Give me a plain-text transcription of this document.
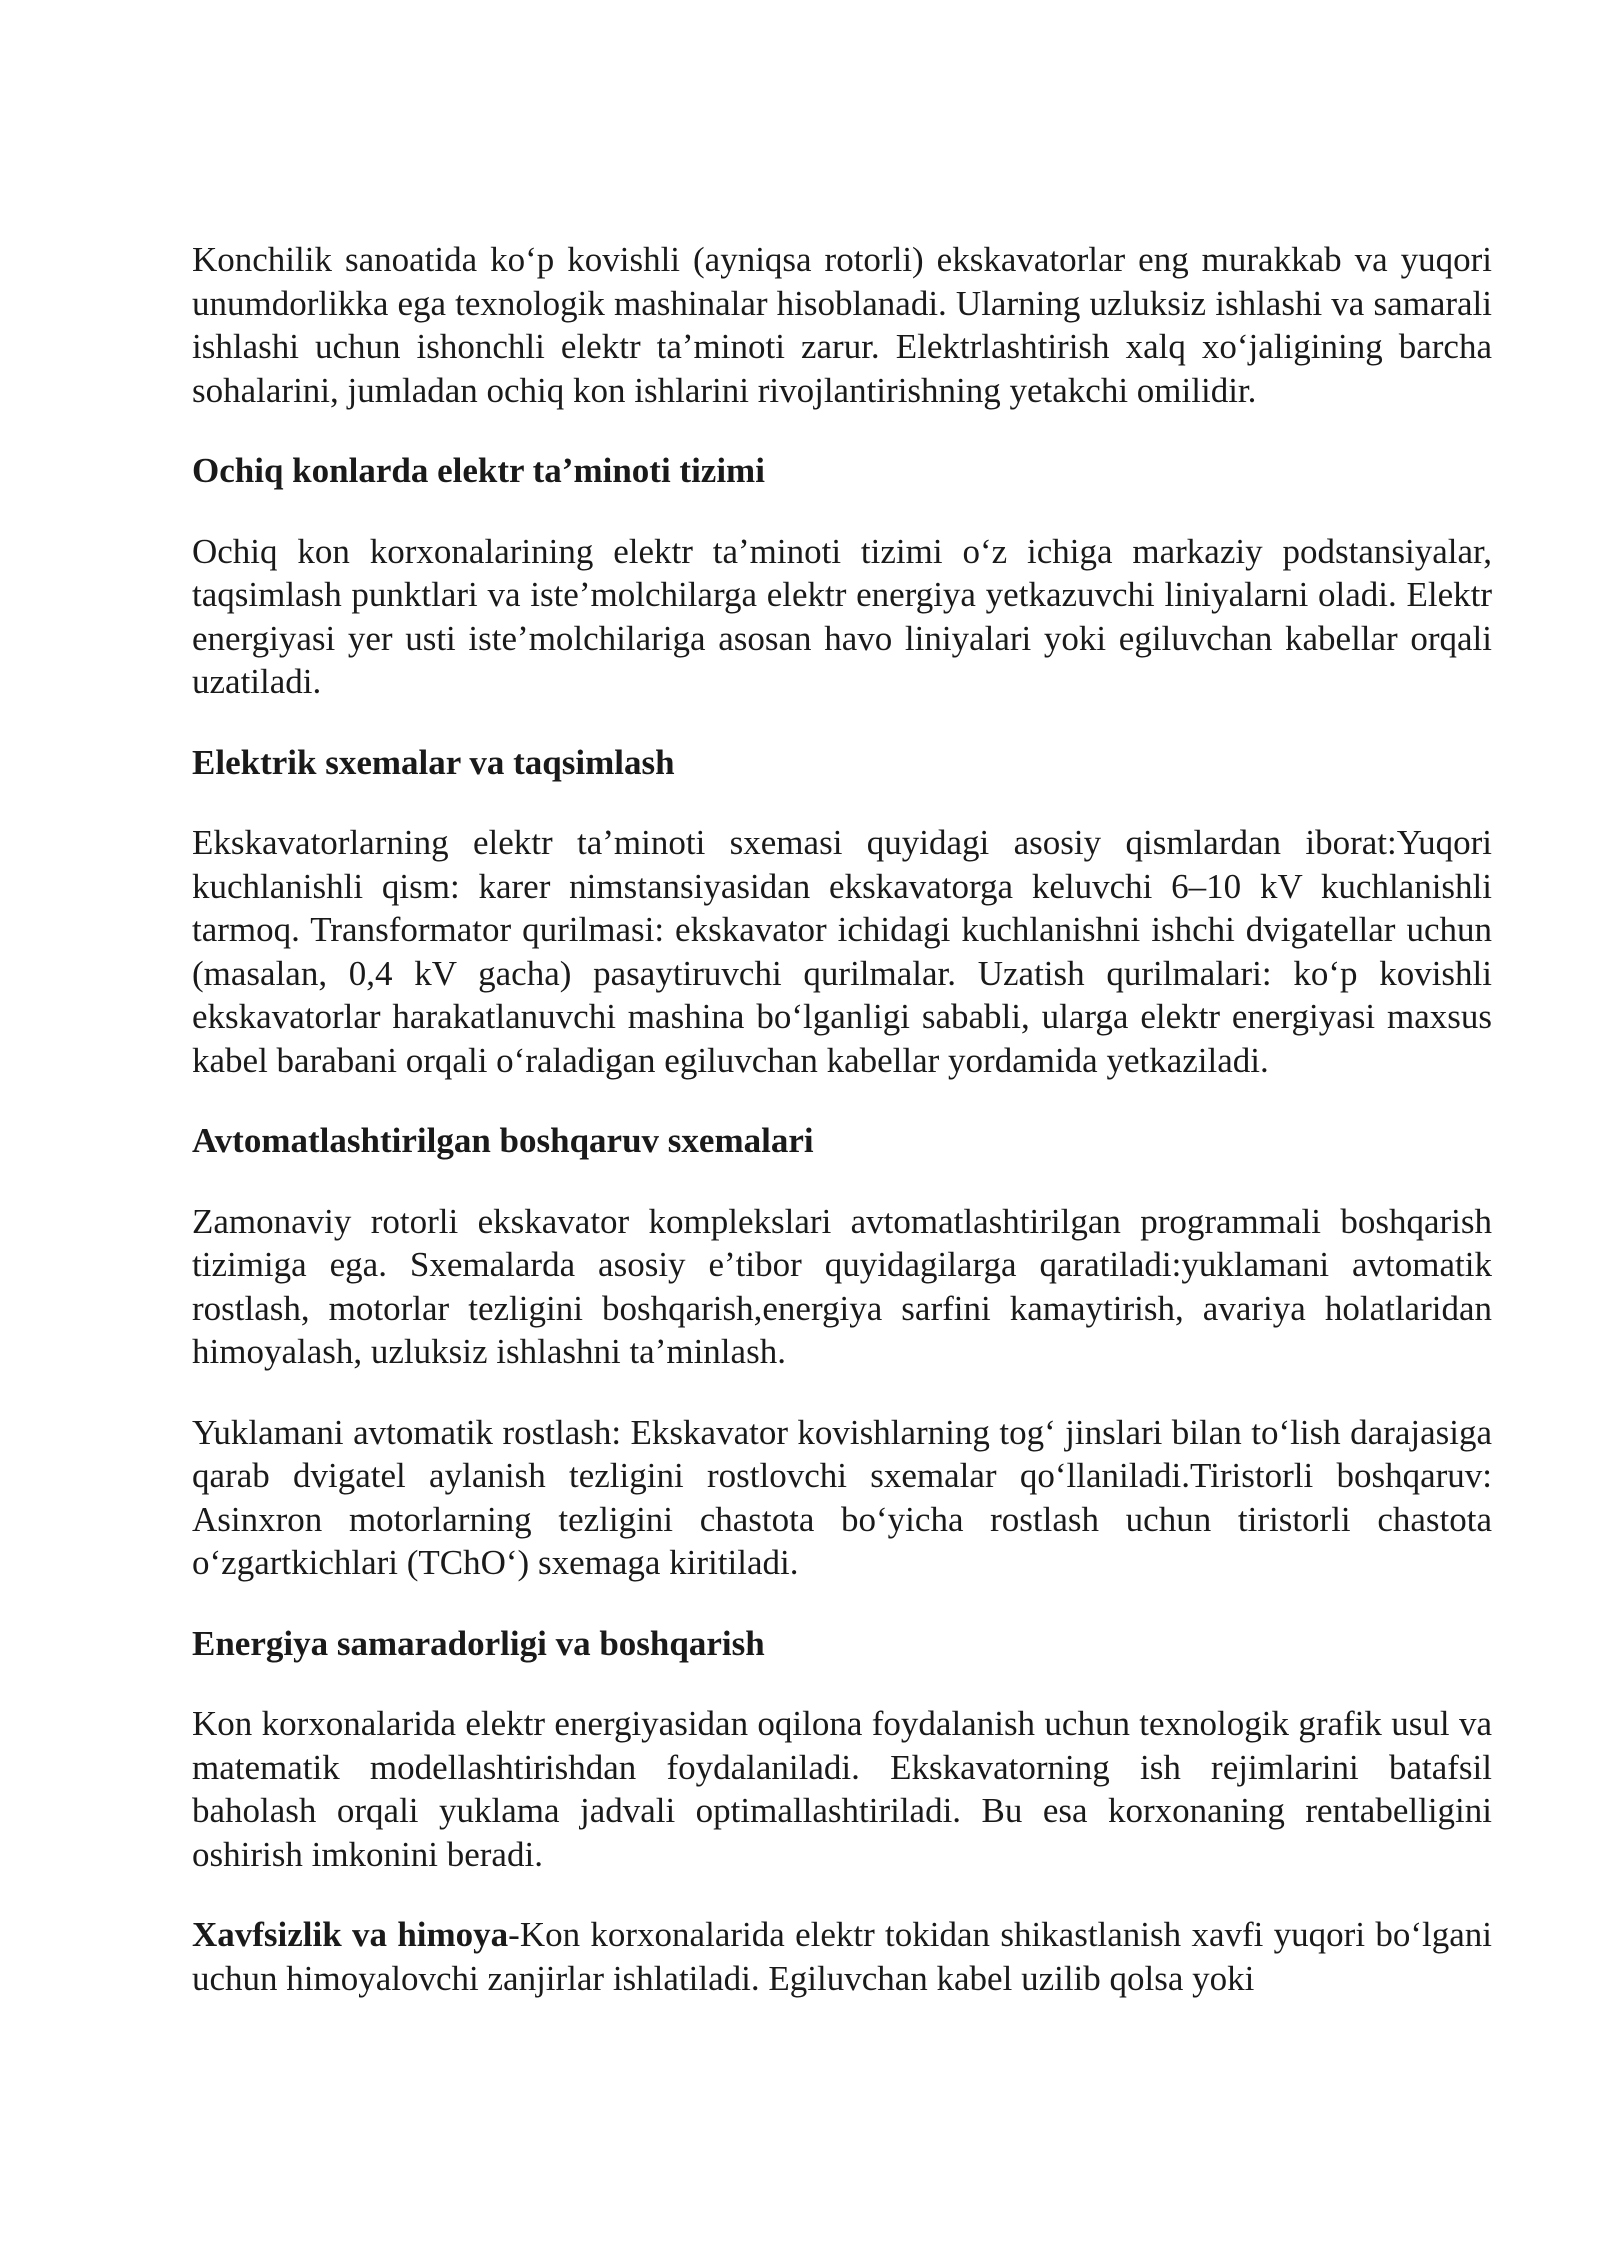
Konchilik sanoatida koʻp kovishli (ayniqsa rotorli) ekskavatorlar eng murakkab va yuqori unumdorlikka ega texnologik mashinalar hisoblanadi. Ularning uzluksiz ishlashi va samarali ishlashi uchun ishonchli elektr taʼminoti zarur. Elektrlashtirish xalq xoʻjaligining barcha sohalarini, jumladan ochiq kon ishlarini rivojlantirishning yetakchi omilidir.

Ochiq konlarda elektr taʼminoti tizimi

Ochiq kon korxonalarining elektr taʼminoti tizimi oʻz ichiga markaziy podstansiyalar, taqsimlash punktlari va isteʼmolchilarga elektr energiya yetkazuvchi liniyalarni oladi. Elektr energiyasi yer usti isteʼmolchilariga asosan havo liniyalari yoki egiluvchan kabellar orqali uzatiladi.

Elektrik sxemalar va taqsimlash

Ekskavatorlarning elektr taʼminoti sxemasi quyidagi asosiy qismlardan iborat:Yuqori kuchlanishli qism: karer nimstansiyasidan ekskavatorga keluvchi 6–10 kV kuchlanishli tarmoq. Transformator qurilmasi: ekskavator ichidagi kuchlanishni ishchi dvigatellar uchun (masalan, 0,4 kV gacha) pasaytiruvchi qurilmalar. Uzatish qurilmalari: koʻp kovishli ekskavatorlar harakatlanuvchi mashina boʻlganligi sababli, ularga elektr energiyasi maxsus kabel barabani orqali oʻraladigan egiluvchan kabellar yordamida yetkaziladi.

Avtomatlashtirilgan boshqaruv sxemalari

Zamonaviy rotorli ekskavator komplekslari avtomatlashtirilgan programmali boshqarish tizimiga ega. Sxemalarda asosiy eʼtibor quyidagilarga qaratiladi:yuklamani avtomatik rostlash, motorlar tezligini boshqarish,energiya sarfini kamaytirish, avariya holatlaridan himoyalash, uzluksiz ishlashni taʼminlash.

Yuklamani avtomatik rostlash: Ekskavator kovishlarning togʻ jinslari bilan toʻlish darajasiga qarab dvigatel aylanish tezligini rostlovchi sxemalar qoʻllaniladi.Tiristorli boshqaruv: Asinxron motorlarning tezligini chastota boʻyicha rostlash uchun tiristorli chastota oʻzgartkichlari (TChOʻ) sxemaga kiritiladi.

Energiya samaradorligi va boshqarish

Kon korxonalarida elektr energiyasidan oqilona foydalanish uchun texnologik grafik usul va matematik modellashtirishdan foydalaniladi. Ekskavatorning ish rejimlarini batafsil baholash orqali yuklama jadvali optimallashtiriladi. Bu esa korxonaning rentabelligini oshirish imkonini beradi.

Xavfsizlik va himoya-Kon korxonalarida elektr tokidan shikastlanish xavfi yuqori boʻlgani uchun himoyalovchi zanjirlar ishlatiladi. Egiluvchan kabel uzilib qolsa yoki
